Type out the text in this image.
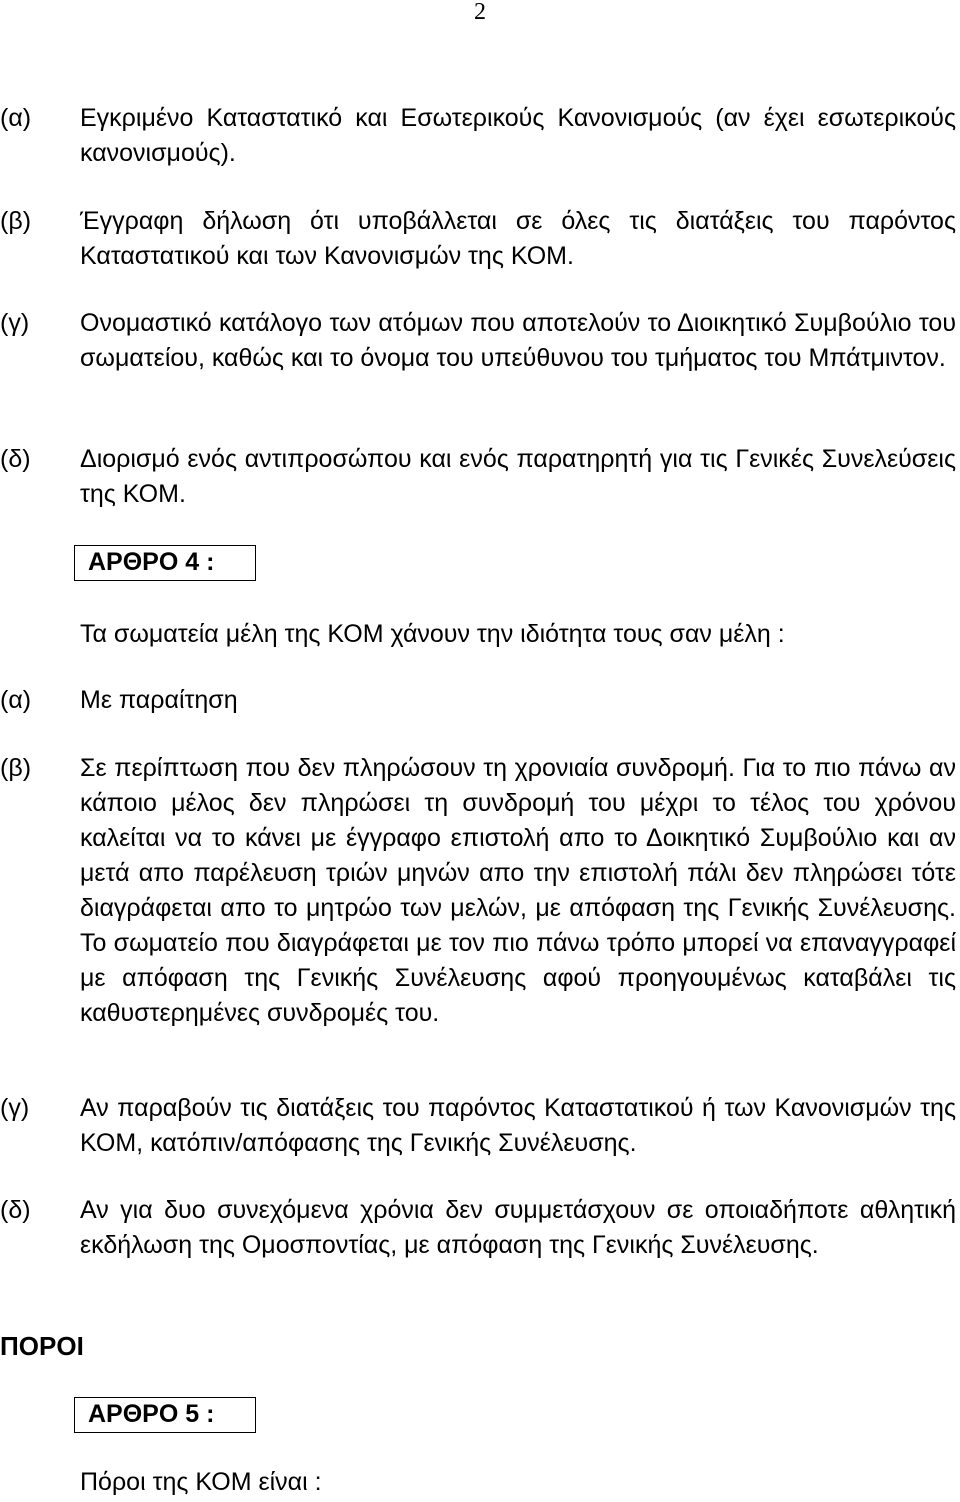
2
(α)	Εγκριμένο Καταστατικό και Εσωτερικούς Κανονισμούς (αν έχει εσωτερικούς κανονισμούς).
(β)	Έγγραφη δήλωση ότι υποβάλλεται σε όλες τις διατάξεις του παρόντος Καταστατικού και των Κανονισμών της ΚΟΜ.
(γ)	Ονομαστικό κατάλογο των ατόμων που αποτελούν το Διοικητικό Συμβούλιο του σωματείου, καθώς και το όνομα του υπεύθυνου του τμήματος του Μπάτμιντον.
(δ)	Διορισμό ενός αντιπροσώπου και ενός παρατηρητή για τις Γενικές Συνελεύσεις της ΚΟΜ.
ΑΡΘΡΟ 4 :
Τα σωματεία μέλη της ΚΟΜ χάνουν την ιδιότητα τους σαν μέλη :
(α)	Με παραίτηση
(β)	Σε περίπτωση που δεν πληρώσουν τη χρονιαία συνδρομή. Για το πιο πάνω αν κάποιο μέλος δεν πληρώσει τη συνδρομή του μέχρι το τέλος του χρόνου καλείται να το κάνει με έγγραφο επιστολή απο το Δοικητικό Συμβούλιο και αν μετά απο παρέλευση τριών μηνών απο την επιστολή πάλι δεν πληρώσει τότε διαγράφεται απο το μητρώο των μελών, με απόφαση της Γενικής Συνέλευσης. Το σωματείο που διαγράφεται με τον πιο πάνω τρόπο μπορεί να επαναγγραφεί με απόφαση της Γενικής Συνέλευσης αφού προηγουμένως καταβάλει τις καθυστερημένες συνδρομές του.
(γ)	Αν παραβούν τις διατάξεις του παρόντος Καταστατικού ή των Κανονισμών της ΚΟΜ, κατόπιν/απόφασης της Γενικής Συνέλευσης.
(δ)	Αν για δυο συνεχόμενα χρόνια δεν συμμετάσχουν σε οποιαδήποτε αθλητική εκδήλωση της Ομοσποντίας, με απόφαση της Γενικής Συνέλευσης.
ΠΟΡΟΙ
ΑΡΘΡΟ 5 :
Πόροι της ΚΟΜ είναι :
